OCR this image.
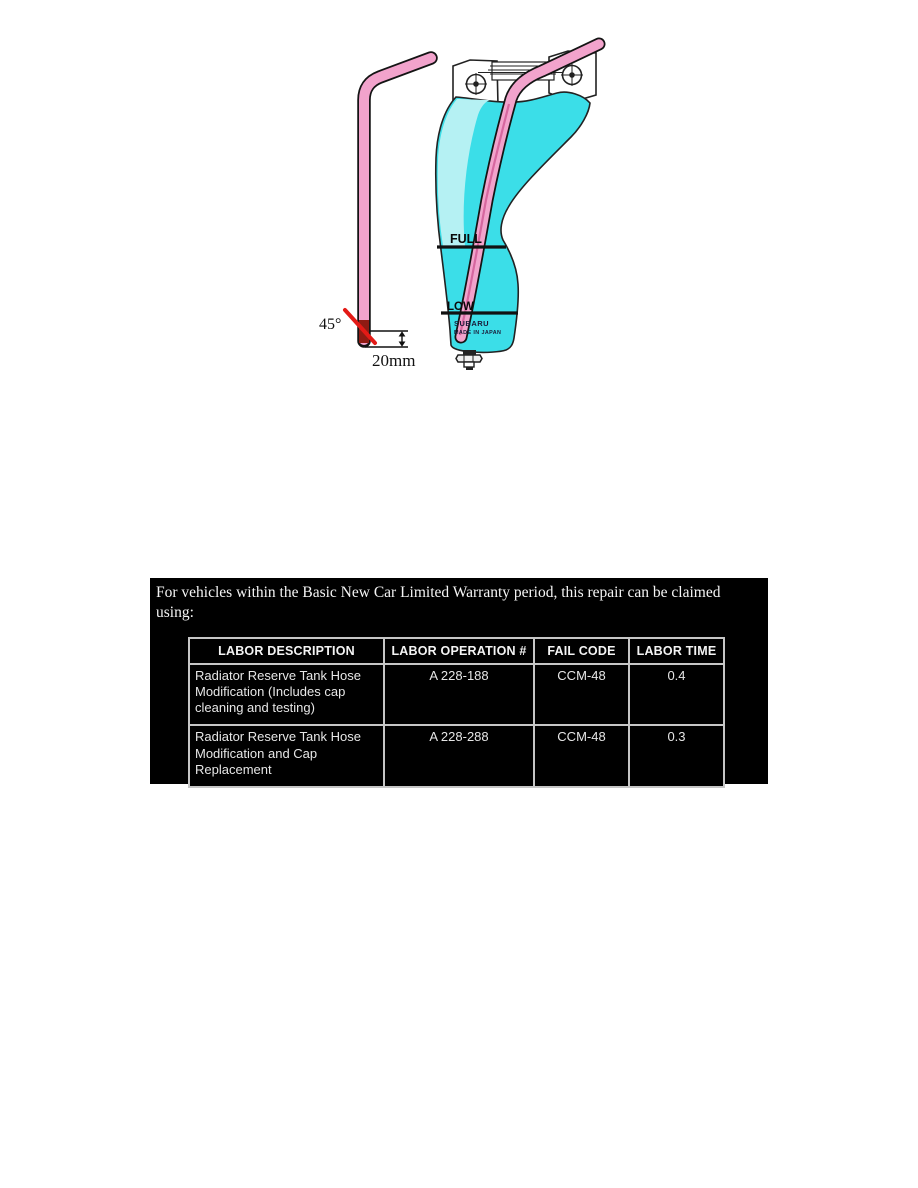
45°
20mm
FULL
LOW
SUBARU
MADE IN JAPAN

For vehicles within the Basic New Car Limited Warranty period, this repair can be claimed using:

LABOR DESCRIPTION	LABOR OPERATION #	FAIL CODE	LABOR TIME
Radiator Reserve Tank Hose Modification (Includes cap cleaning and testing)	A 228-188	CCM-48	0.4
Radiator Reserve Tank Hose Modification and Cap Replacement	A 228-288	CCM-48	0.3
